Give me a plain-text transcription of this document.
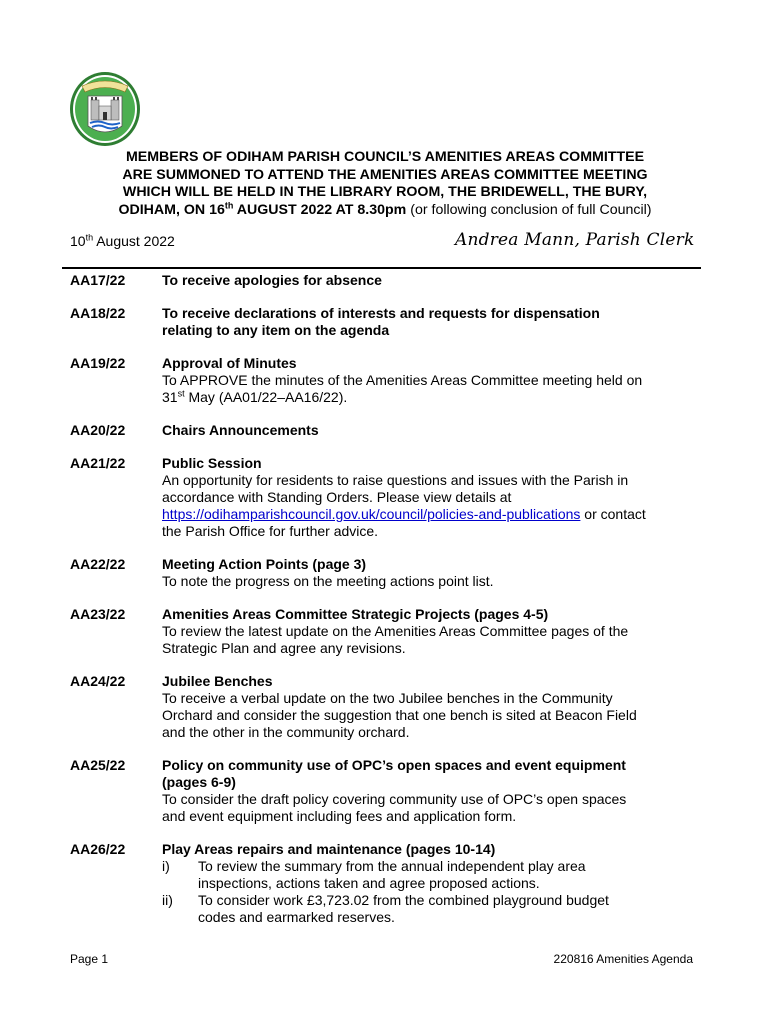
MEMBERS OF ODIHAM PARISH COUNCIL’S AMENITIES AREAS COMMITTEE
ARE SUMMONED TO ATTEND THE AMENITIES AREAS COMMITTEE MEETING
WHICH WILL BE HELD IN THE LIBRARY ROOM, THE BRIDEWELL, THE BURY,
ODIHAM, ON 16th AUGUST 2022 AT 8.30pm (or following conclusion of full Council)
10th August 2022	Andrea Mann, Parish Clerk
AA17/22	To receive apologies for absence
AA18/22	To receive declarations of interests and requests for dispensation
relating to any item on the agenda
AA19/22	Approval of Minutes
To APPROVE the minutes of the Amenities Areas Committee meeting held on
31st May (AA01/22–AA16/22).
AA20/22	Chairs Announcements
AA21/22	Public Session
An opportunity for residents to raise questions and issues with the Parish in
accordance with Standing Orders. Please view details at
https://odihamparishcouncil.gov.uk/council/policies-and-publications or contact
the Parish Office for further advice.
AA22/22	Meeting Action Points (page 3)
To note the progress on the meeting actions point list.
AA23/22	Amenities Areas Committee Strategic Projects (pages 4-5)
To review the latest update on the Amenities Areas Committee pages of the
Strategic Plan and agree any revisions.
AA24/22	Jubilee Benches
To receive a verbal update on the two Jubilee benches in the Community
Orchard and consider the suggestion that one bench is sited at Beacon Field
and the other in the community orchard.
AA25/22	Policy on community use of OPC’s open spaces and event equipment
(pages 6-9)
To consider the draft policy covering community use of OPC’s open spaces
and event equipment including fees and application form.
AA26/22	Play Areas repairs and maintenance (pages 10-14)
i)	To review the summary from the annual independent play area
inspections, actions taken and agree proposed actions.
ii)	To consider work £3,723.02 from the combined playground budget
codes and earmarked reserves.
Page 1	220816 Amenities Agenda
